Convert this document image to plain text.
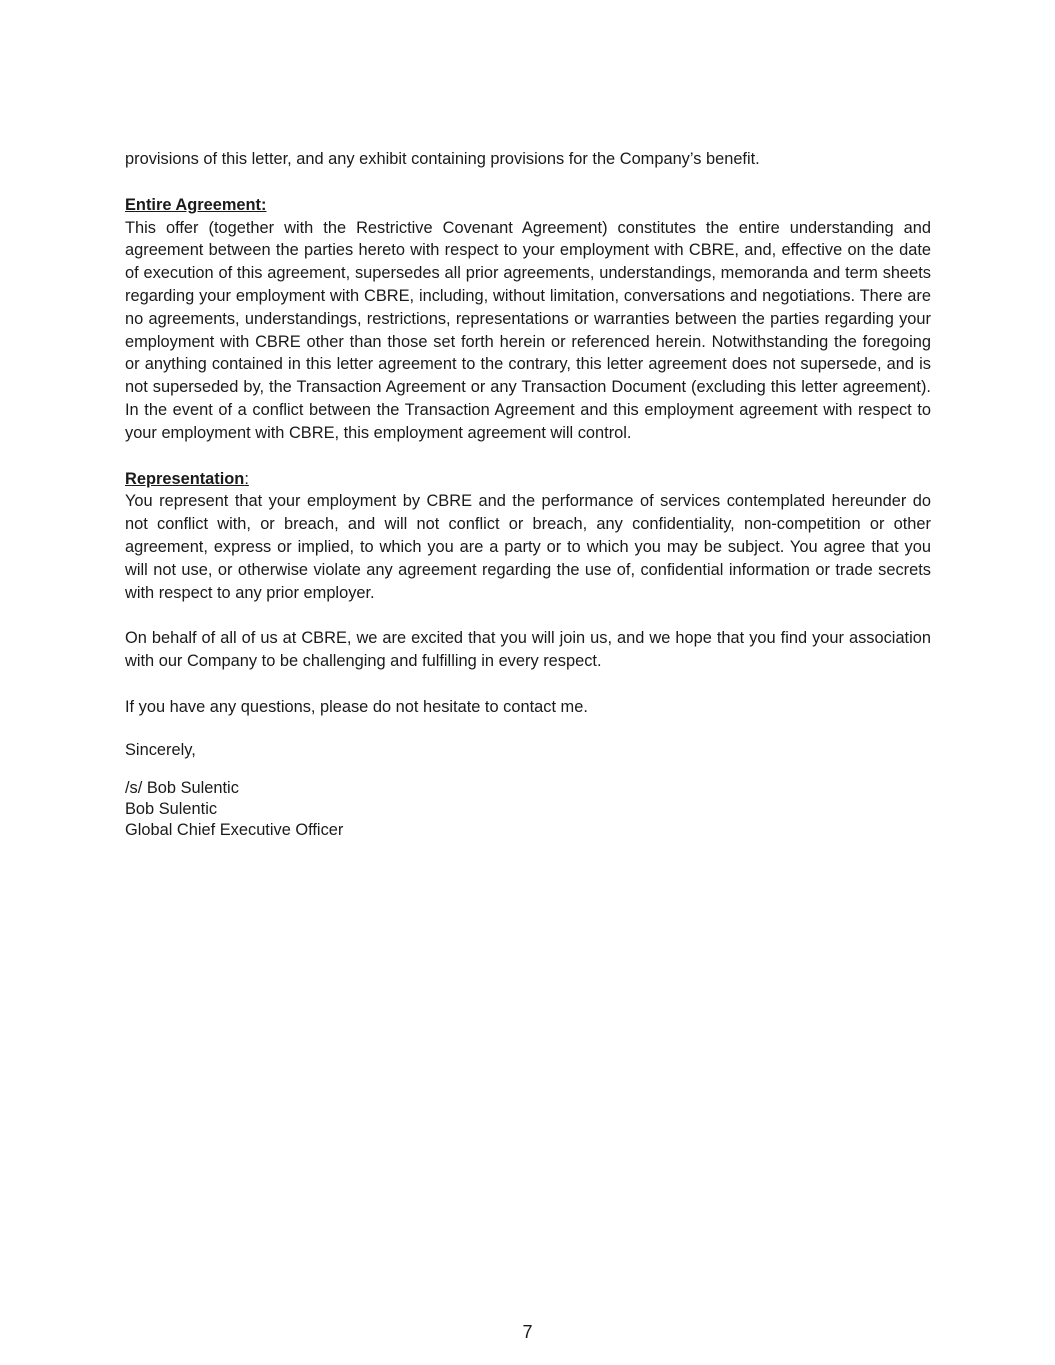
provisions of this letter, and any exhibit containing provisions for the Company’s benefit.

Entire Agreement:

This offer (together with the Restrictive Covenant Agreement) constitutes the entire understanding and agreement between the parties hereto with respect to your employment with CBRE, and, effective on the date of execution of this agreement, supersedes all prior agreements, understandings, memoranda and term sheets regarding your employment with CBRE, including, without limitation, conversations and negotiations. There are no agreements, understandings, restrictions, representations or warranties between the parties regarding your employment with CBRE other than those set forth herein or referenced herein. Notwithstanding the foregoing or anything contained in this letter agreement to the contrary, this letter agreement does not supersede, and is not superseded by, the Transaction Agreement or any Transaction Document (excluding this letter agreement). In the event of a conflict between the Transaction Agreement and this employment agreement with respect to your employment with CBRE, this employment agreement will control.

Representation:

You represent that your employment by CBRE and the performance of services contemplated hereunder do not conflict with, or breach, and will not conflict or breach, any confidentiality, non-competition or other agreement, express or implied, to which you are a party or to which you may be subject. You agree that you will not use, or otherwise violate any agreement regarding the use of, confidential information or trade secrets with respect to any prior employer.

On behalf of all of us at CBRE, we are excited that you will join us, and we hope that you find your association with our Company to be challenging and fulfilling in every respect.

If you have any questions, please do not hesitate to contact me.

Sincerely,

/s/ Bob Sulentic
Bob Sulentic
Global Chief Executive Officer
7
